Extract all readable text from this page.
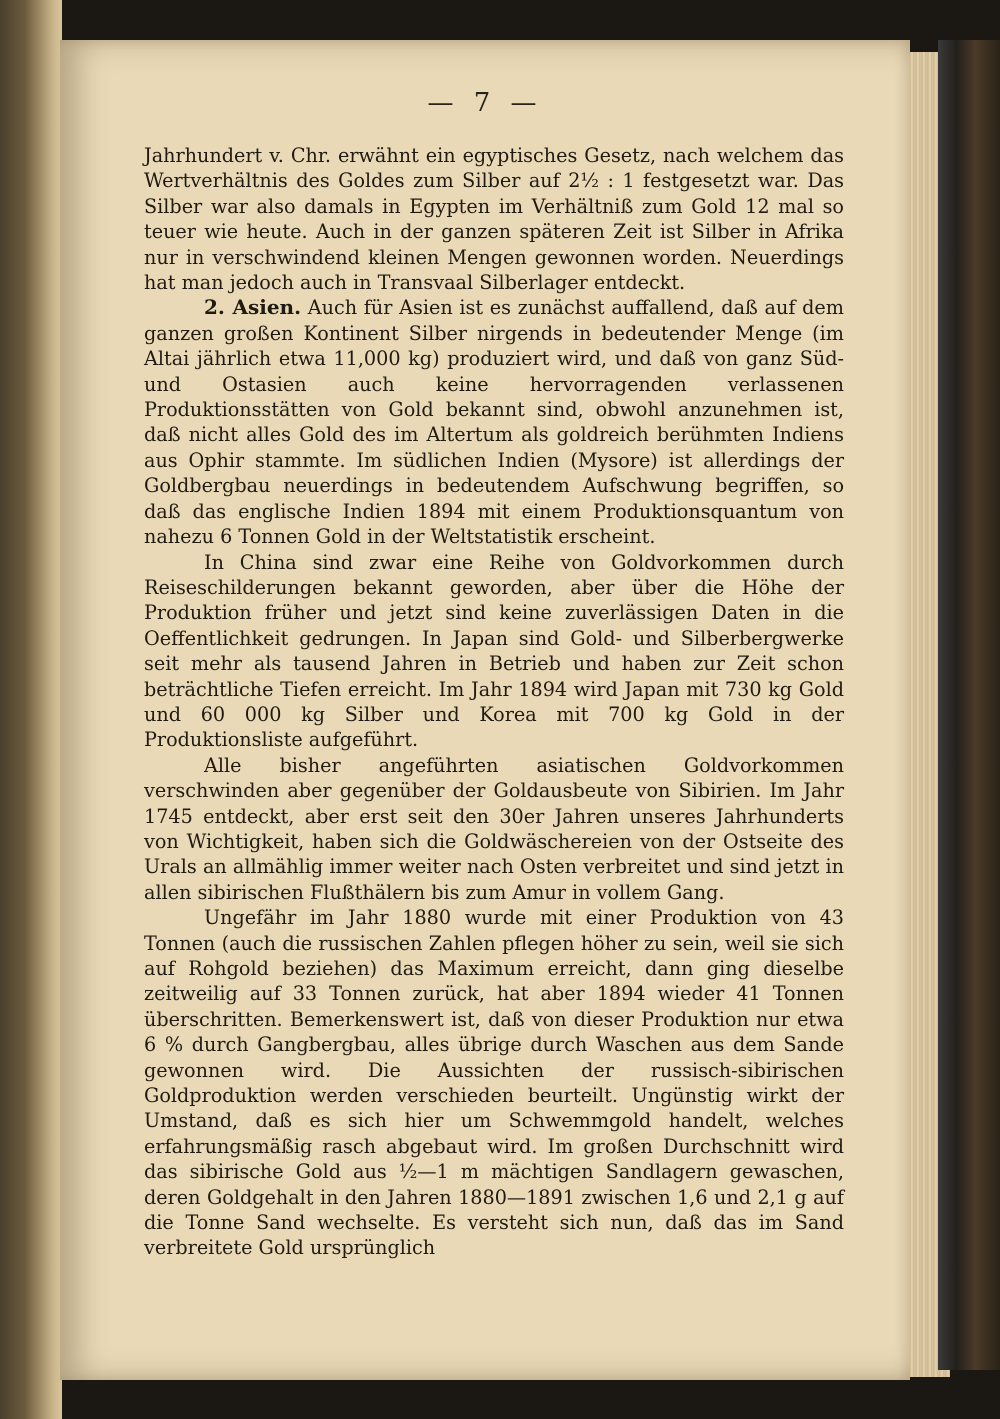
— 7 —

Jahrhundert v. Chr. erwähnt ein egyptisches Gesetz, nach welchem das Wertverhältnis des Goldes zum Silber auf 2½ : 1 festgesetzt war. Das Silber war also damals in Egypten im Verhältniß zum Gold 12 mal so teuer wie heute. Auch in der ganzen späteren Zeit ist Silber in Afrika nur in verschwindend kleinen Mengen gewonnen worden. Neuerdings hat man jedoch auch in Transvaal Silberlager entdeckt.

2. Asien. Auch für Asien ist es zunächst auffallend, daß auf dem ganzen großen Kontinent Silber nirgends in bedeutender Menge (im Altai jährlich etwa 11,000 kg) produziert wird, und daß von ganz Süd- und Ostasien auch keine hervorragenden verlassenen Produktionsstätten von Gold bekannt sind, obwohl anzunehmen ist, daß nicht alles Gold des im Altertum als goldreich berühmten Indiens aus Ophir stammte. Im südlichen Indien (Mysore) ist allerdings der Goldbergbau neuerdings in bedeutendem Aufschwung begriffen, so daß das englische Indien 1894 mit einem Produktionsquantum von nahezu 6 Tonnen Gold in der Weltstatistik erscheint.

In China sind zwar eine Reihe von Goldvorkommen durch Reiseschilderungen bekannt geworden, aber über die Höhe der Produktion früher und jetzt sind keine zuverlässigen Daten in die Oeffentlichkeit gedrungen. In Japan sind Gold- und Silberbergwerke seit mehr als tausend Jahren in Betrieb und haben zur Zeit schon beträchtliche Tiefen erreicht. Im Jahr 1894 wird Japan mit 730 kg Gold und 60 000 kg Silber und Korea mit 700 kg Gold in der Produktionsliste aufgeführt.

Alle bisher angeführten asiatischen Goldvorkommen verschwinden aber gegenüber der Goldausbeute von Sibirien. Im Jahr 1745 entdeckt, aber erst seit den 30er Jahren unseres Jahrhunderts von Wichtigkeit, haben sich die Goldwäschereien von der Ostseite des Urals an allmählig immer weiter nach Osten verbreitet und sind jetzt in allen sibirischen Flußthälern bis zum Amur in vollem Gang.

Ungefähr im Jahr 1880 wurde mit einer Produktion von 43 Tonnen (auch die russischen Zahlen pflegen höher zu sein, weil sie sich auf Rohgold beziehen) das Maximum erreicht, dann ging dieselbe zeitweilig auf 33 Tonnen zurück, hat aber 1894 wieder 41 Tonnen überschritten. Bemerkenswert ist, daß von dieser Produktion nur etwa 6 % durch Gangbergbau, alles übrige durch Waschen aus dem Sande gewonnen wird. Die Aussichten der russisch-sibirischen Goldproduktion werden verschieden beurteilt. Ungünstig wirkt der Umstand, daß es sich hier um Schwemmgold handelt, welches erfahrungsmäßig rasch abgebaut wird. Im großen Durchschnitt wird das sibirische Gold aus ½—1 m mächtigen Sandlagern gewaschen, deren Goldgehalt in den Jahren 1880—1891 zwischen 1,6 und 2,1 g auf die Tonne Sand wechselte. Es versteht sich nun, daß das im Sand verbreitete Gold ursprünglich
